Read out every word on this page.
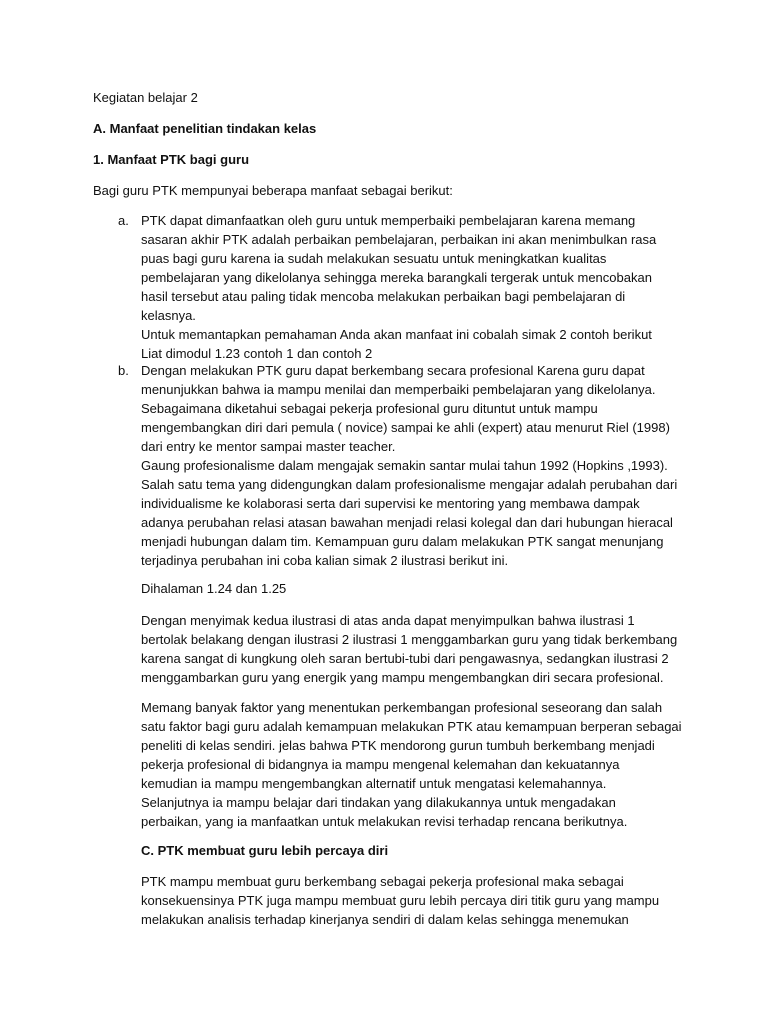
Kegiatan belajar 2
A. Manfaat penelitian tindakan kelas
1. Manfaat PTK bagi guru
Bagi guru PTK mempunyai beberapa manfaat sebagai berikut:
a. PTK dapat dimanfaatkan oleh guru untuk memperbaiki pembelajaran karena memang
sasaran akhir PTK adalah perbaikan pembelajaran, perbaikan ini akan menimbulkan rasa
puas bagi guru karena ia sudah melakukan sesuatu untuk meningkatkan kualitas
pembelajaran yang dikelolanya sehingga mereka barangkali tergerak untuk mencobakan
hasil tersebut atau paling tidak mencoba melakukan perbaikan bagi pembelajaran di
kelasnya.
Untuk memantapkan pemahaman Anda akan manfaat ini cobalah simak 2 contoh berikut
Liat dimodul 1.23 contoh 1 dan contoh 2
b. Dengan melakukan PTK guru dapat berkembang secara profesional Karena guru dapat
menunjukkan bahwa ia mampu menilai dan memperbaiki pembelajaran yang dikelolanya.
Sebagaimana diketahui sebagai pekerja profesional guru dituntut untuk mampu
mengembangkan diri dari pemula ( novice) sampai ke ahli (expert) atau menurut Riel (1998)
dari entry ke mentor sampai master teacher.
Gaung profesionalisme dalam mengajak semakin santar mulai tahun 1992 (Hopkins ,1993).
Salah satu tema yang didengungkan dalam profesionalisme mengajar adalah perubahan dari
individualisme ke kolaborasi serta dari supervisi ke mentoring yang membawa dampak
adanya perubahan relasi atasan bawahan menjadi relasi kolegal dan dari hubungan hieracal
menjadi hubungan dalam tim. Kemampuan guru dalam melakukan PTK sangat menunjang
terjadinya perubahan ini coba kalian simak 2 ilustrasi berikut ini.
Dihalaman 1.24 dan 1.25
Dengan menyimak kedua ilustrasi di atas anda dapat menyimpulkan bahwa ilustrasi 1
bertolak belakang dengan ilustrasi 2 ilustrasi 1 menggambarkan guru yang tidak berkembang
karena sangat di kungkung oleh saran bertubi-tubi dari pengawasnya, sedangkan ilustrasi 2
menggambarkan guru yang energik yang mampu mengembangkan diri secara profesional.
Memang banyak faktor yang menentukan perkembangan profesional seseorang dan salah
satu faktor bagi guru adalah kemampuan melakukan PTK atau kemampuan berperan sebagai
peneliti di kelas sendiri. jelas bahwa PTK mendorong gurun tumbuh berkembang menjadi
pekerja profesional di bidangnya ia mampu mengenal kelemahan dan kekuatannya
kemudian ia mampu mengembangkan alternatif untuk mengatasi kelemahannya.
Selanjutnya ia mampu belajar dari tindakan yang dilakukannya untuk mengadakan
perbaikan, yang ia manfaatkan untuk melakukan revisi terhadap rencana berikutnya.
C. PTK membuat guru lebih percaya diri
PTK mampu membuat guru berkembang sebagai pekerja profesional maka sebagai
konsekuensinya PTK juga mampu membuat guru lebih percaya diri titik guru yang mampu
melakukan analisis terhadap kinerjanya sendiri di dalam kelas sehingga menemukan
